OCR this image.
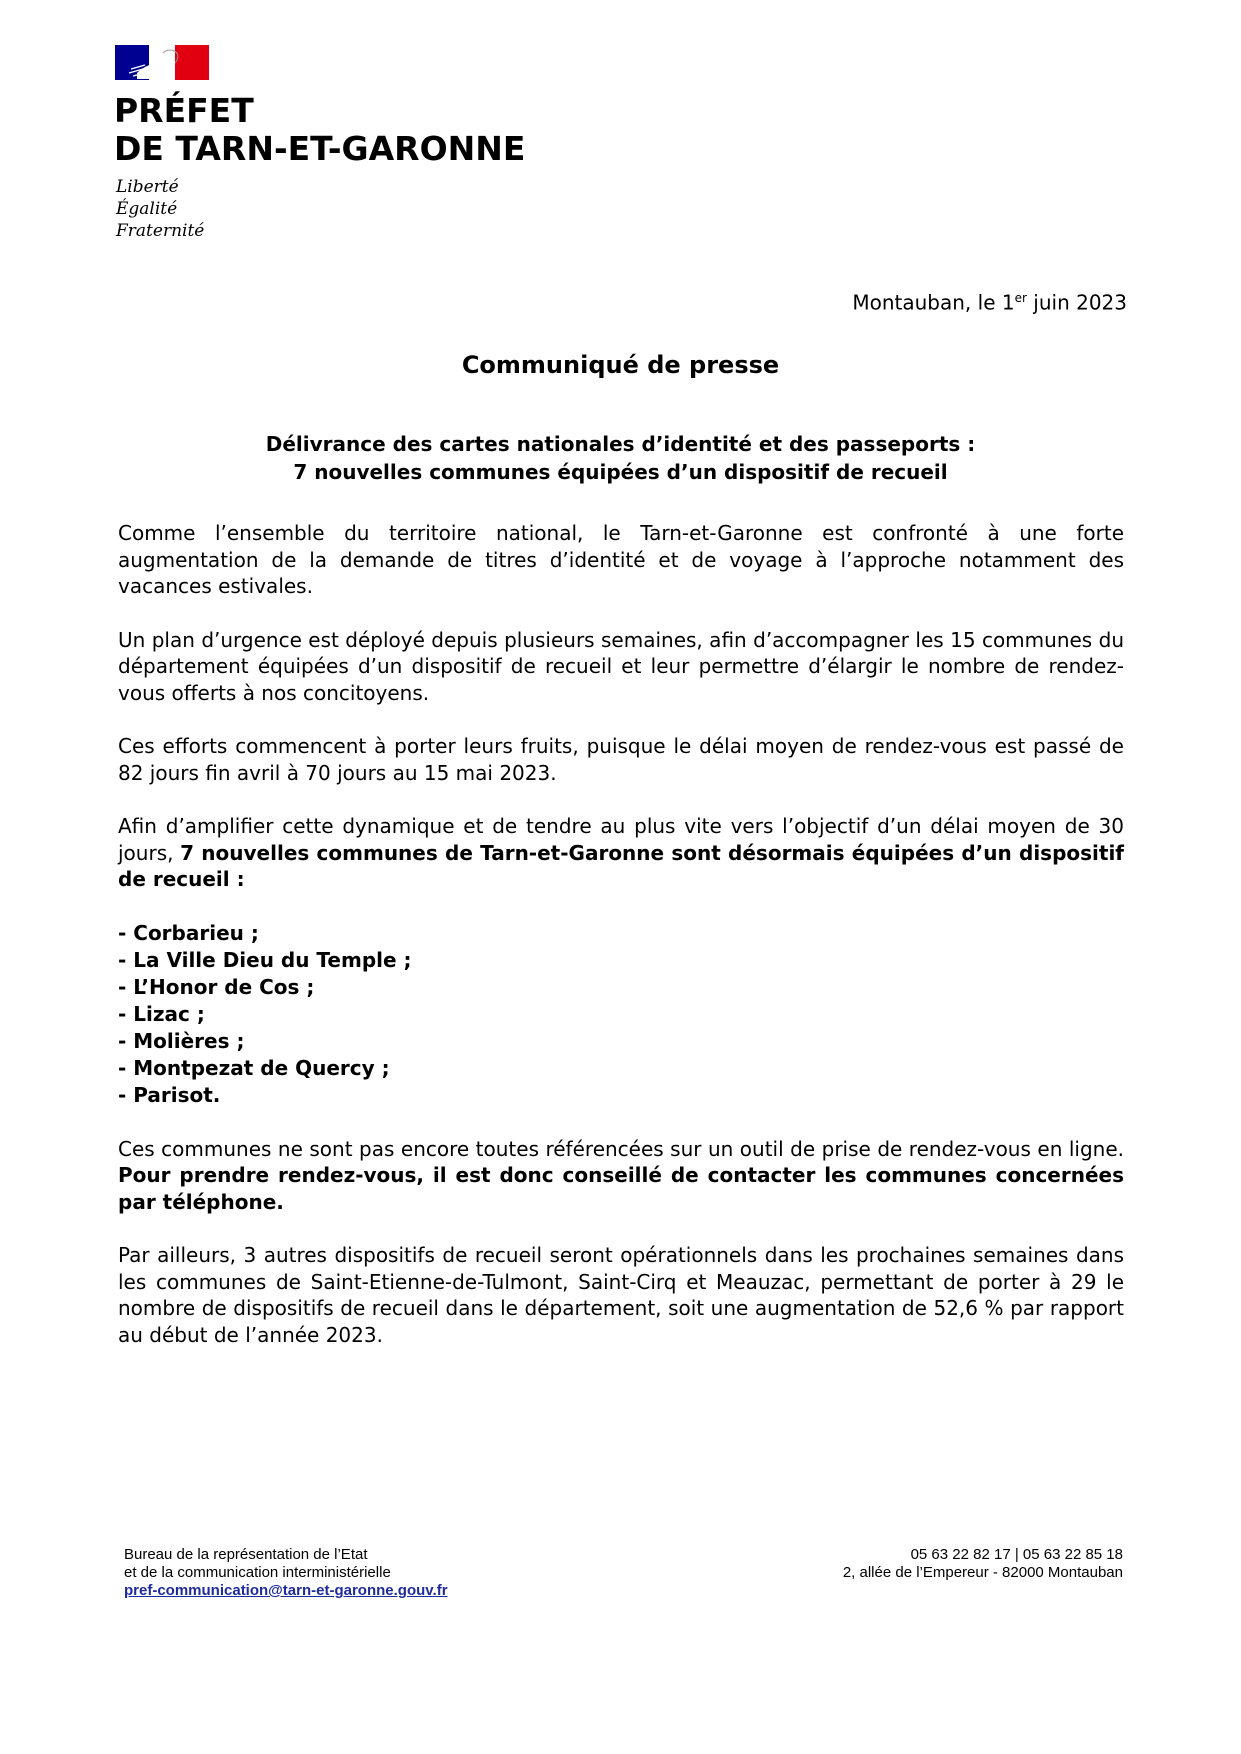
PRÉFET
DE TARN-ET-GARONNE
Liberté
Égalité
Fraternité
Montauban, le 1er juin 2023
Communiqué de presse
Délivrance des cartes nationales d’identité et des passeports :
7 nouvelles communes équipées d’un dispositif de recueil

Comme l’ensemble du territoire national, le Tarn-et-Garonne est confronté à une forte augmentation de la demande de titres d’identité et de voyage à l’approche notamment des vacances estivales.

Un plan d’urgence est déployé depuis plusieurs semaines, afin d’accompagner les 15 communes du département équipées d’un dispositif de recueil et leur permettre d’élargir le nombre de rendez-vous offerts à nos concitoyens.

Ces efforts commencent à porter leurs fruits, puisque le délai moyen de rendez-vous est passé de 82 jours fin avril à 70 jours au 15 mai 2023.

Afin d’amplifier cette dynamique et de tendre au plus vite vers l’objectif d’un délai moyen de 30 jours, 7 nouvelles communes de Tarn-et-Garonne sont désormais équipées d’un dispositif de recueil :

- Corbarieu ;
- La Ville Dieu du Temple ;
- L’Honor de Cos ;
- Lizac ;
- Molières ;
- Montpezat de Quercy ;
- Parisot.

Ces communes ne sont pas encore toutes référencées sur un outil de prise de rendez-vous en ligne. Pour prendre rendez-vous, il est donc conseillé de contacter les communes concernées par téléphone.

Par ailleurs, 3 autres dispositifs de recueil seront opérationnels dans les prochaines semaines dans les communes de Saint-Etienne-de-Tulmont, Saint-Cirq et Meauzac, permettant de porter à 29 le nombre de dispositifs de recueil dans le département, soit une augmentation de 52,6 % par rapport au début de l’année 2023.

Bureau de la représentation de l’Etat
et de la communication interministérielle
pref-communication@tarn-et-garonne.gouv.fr
05 63 22 82 17 | 05 63 22 85 18
2, allée de l’Empereur - 82000 Montauban
